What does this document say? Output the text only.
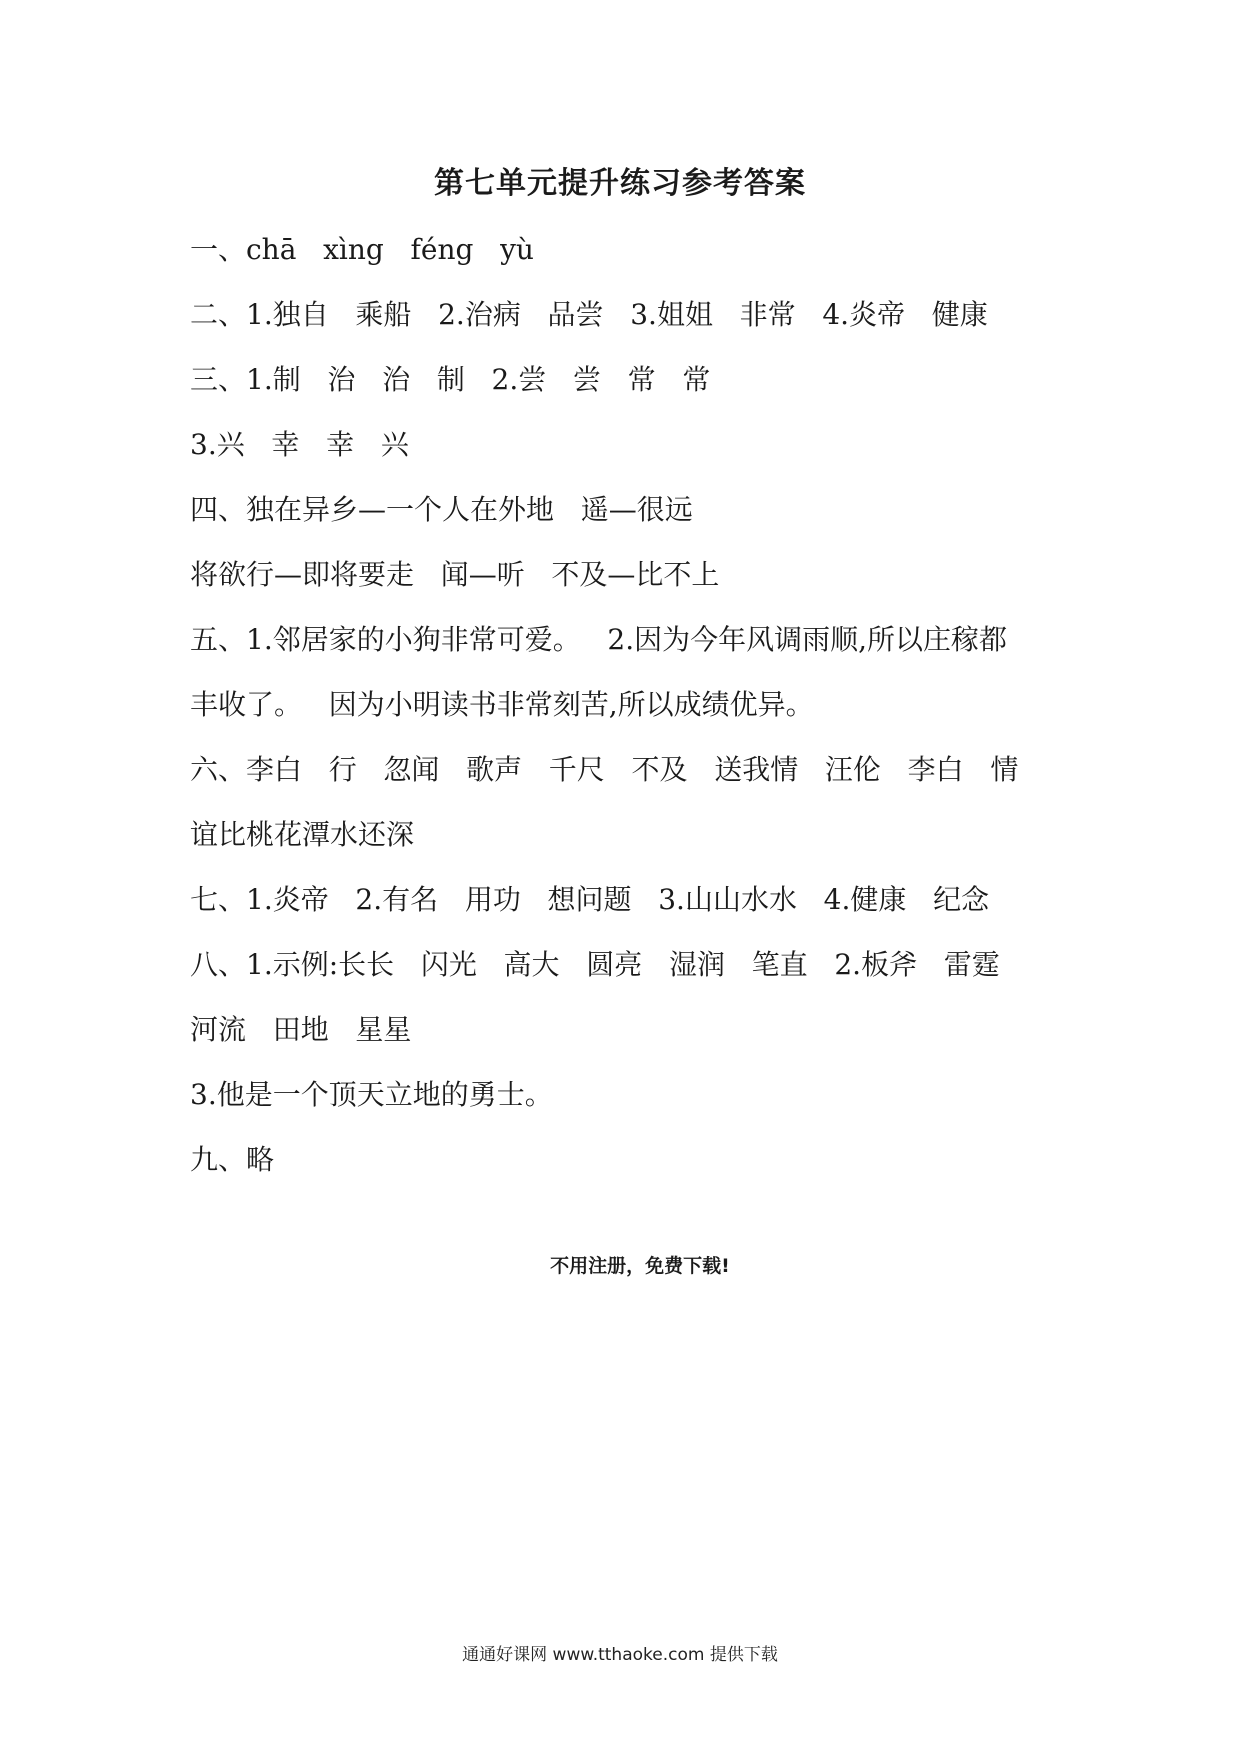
第七单元提升练习参考答案

一、chā   xìng   féng   yù

二、1.独自   乘船   2.治病   品尝   3.姐姐   非常   4.炎帝   健康

三、1.制   治   治   制   2.尝   尝   常   常

3.兴   幸   幸   兴

四、独在异乡—一个人在外地   遥—很远

将欲行—即将要走   闻—听   不及—比不上

五、1.邻居家的小狗非常可爱。   2.因为今年风调雨顺,所以庄稼都

丰收了。   因为小明读书非常刻苦,所以成绩优异。

六、李白   行   忽闻   歌声   千尺   不及   送我情   汪伦   李白   情

谊比桃花潭水还深

七、1.炎帝   2.有名   用功   想问题   3.山山水水   4.健康   纪念

八、1.示例:长长   闪光   高大   圆亮   湿润   笔直   2.板斧   雷霆

河流   田地   星星

3.他是一个顶天立地的勇士。

九、略

不用注册，免费下载!
通通好课网 www.tthaoke.com 提供下载
